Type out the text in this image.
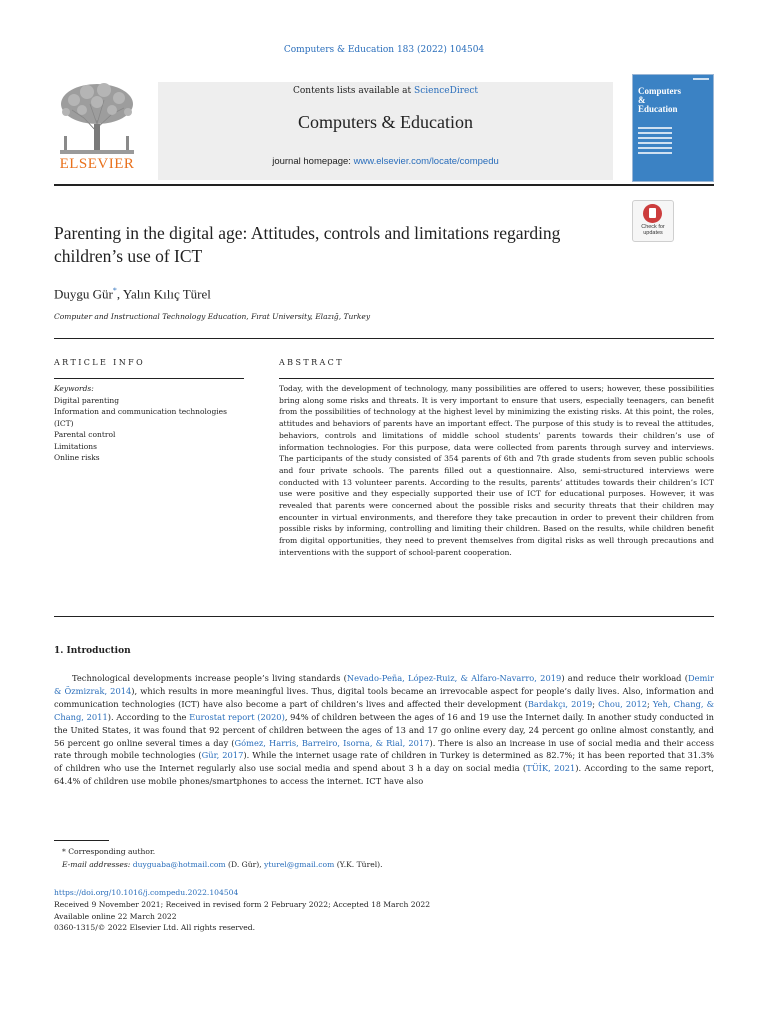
Computers & Education 183 (2022) 104504
ELSEVIER
Contents lists available at ScienceDirect
Computers & Education
journal homepage: www.elsevier.com/locate/compedu
Computers
&
Education
Parenting in the digital age: Attitudes, controls and limitations regarding children’s use of ICT
Check for updates
Duygu Gür*, Yalın Kılıç Türel
Computer and Instructional Technology Education, Fırat University, Elazığ, Turkey
ARTICLE INFO	ABSTRACT
Keywords:
Digital parenting
Information and communication technologies (ICT)
Parental control
Limitations
Online risks
Today, with the development of technology, many possibilities are offered to users; however, these possibilities bring along some risks and threats. It is very important to ensure that users, especially teenagers, can benefit from the possibilities of technology at the highest level by minimizing the existing risks. At this point, the roles, attitudes and behaviors of parents have an important effect. The purpose of this study is to reveal the attitudes, behaviors, controls and limitations of middle school students’ parents towards their children’s use of information technologies. For this purpose, data were collected from parents through survey and interviews. The participants of the study consisted of 354 parents of 6th and 7th grade students from seven public schools and four private schools. The parents filled out a questionnaire. Also, semi-structured interviews were conducted with 13 volunteer parents. According to the results, parents’ attitudes towards their children’s ICT use were positive and they especially supported their use of ICT for educational purposes. However, it was revealed that parents were concerned about the possible risks and security threats that their children may encounter in virtual environments, and therefore they take precaution in order to prevent their children from possible risks by informing, controlling and limiting their children. Based on the results, while children benefit from digital opportunities, they need to prevent themselves from digital risks as well through precautions and interventions with the support of school-parent cooperation.
1. Introduction
Technological developments increase people’s living standards (Nevado-Peña, López-Ruiz, & Alfaro-Navarro, 2019) and reduce their workload (Demir & Özmizrak, 2014), which results in more meaningful lives. Thus, digital tools became an irrevocable aspect for people’s daily lives. Also, information and communication technologies (ICT) have also become a part of children’s lives and affected their development (Bardakçı, 2019; Chou, 2012; Yeh, Chang, & Chang, 2011). According to the Eurostat report (2020), 94% of children between the ages of 16 and 19 use the Internet daily. In another study conducted in the United States, it was found that 92 percent of children between the ages of 13 and 17 go online every day, 24 percent go online almost constantly, and 56 percent go online several times a day (Gómez, Harris, Barreiro, Isorna, & Rial, 2017). There is also an increase in use of social media and their access rate through mobile technologies (Gür, 2017). While the internet usage rate of children in Turkey is determined as 82.7%; it has been reported that 31.3% of children who use the Internet regularly also use social media and spend about 3 h a day on social media (TÜİK, 2021). According to the same report, 64.4% of children use mobile phones/smartphones to access the internet. ICT have also
* Corresponding author.
E-mail addresses: duyguaba@hotmail.com (D. Gür), yturel@gmail.com (Y.K. Türel).
https://doi.org/10.1016/j.compedu.2022.104504
Received 9 November 2021; Received in revised form 2 February 2022; Accepted 18 March 2022
Available online 22 March 2022
0360-1315/© 2022 Elsevier Ltd. All rights reserved.
